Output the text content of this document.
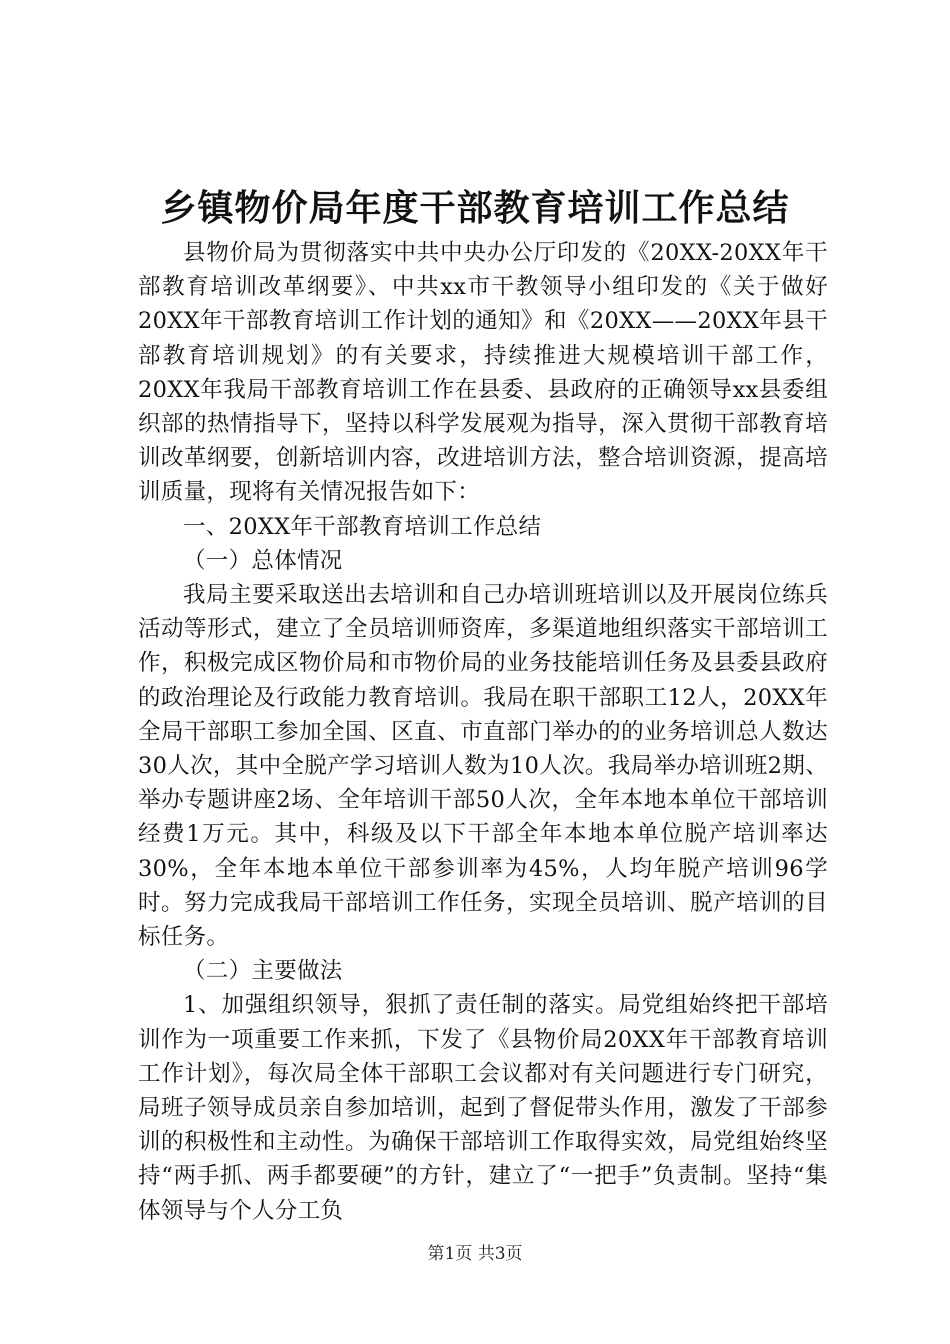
乡镇物价局年度干部教育培训工作总结

县物价局为贯彻落实中共中央办公厅印发的《20XX-20XX年干部教育培训改革纲要》、中共xx市干教领导小组印发的《关于做好20XX年干部教育培训工作计划的通知》和《20XX——20XX年县干部教育培训规划》的有关要求，持续推进大规模培训干部工作，20XX年我局干部教育培训工作在县委、县政府的正确领导xx县委组织部的热情指导下，坚持以科学发展观为指导，深入贯彻干部教育培训改革纲要，创新培训内容，改进培训方法，整合培训资源，提高培训质量，现将有关情况报告如下：

一、20XX年干部教育培训工作总结

（一）总体情况

我局主要采取送出去培训和自己办培训班培训以及开展岗位练兵活动等形式，建立了全员培训师资库，多渠道地组织落实干部培训工作，积极完成区物价局和市物价局的业务技能培训任务及县委县政府的政治理论及行政能力教育培训。我局在职干部职工12人，20XX年全局干部职工参加全国、区直、市直部门举办的的业务培训总人数达30人次，其中全脱产学习培训人数为10人次。我局举办培训班2期、举办专题讲座2场、全年培训干部50人次，全年本地本单位干部培训经费1万元。其中，科级及以下干部全年本地本单位脱产培训率达30%，全年本地本单位干部参训率为45%，人均年脱产培训96学时。努力完成我局干部培训工作任务，实现全员培训、脱产培训的目标任务。

（二）主要做法

1、加强组织领导，狠抓了责任制的落实。局党组始终把干部培训作为一项重要工作来抓，下发了《县物价局20XX年干部教育培训工作计划》，每次局全体干部职工会议都对有关问题进行专门研究，局班子领导成员亲自参加培训，起到了督促带头作用，激发了干部参训的积极性和主动性。为确保干部培训工作取得实效，局党组始终坚持“两手抓、两手都要硬”的方针，建立了“一把手”负责制。坚持“集体领导与个人分工负

第1页 共3页
